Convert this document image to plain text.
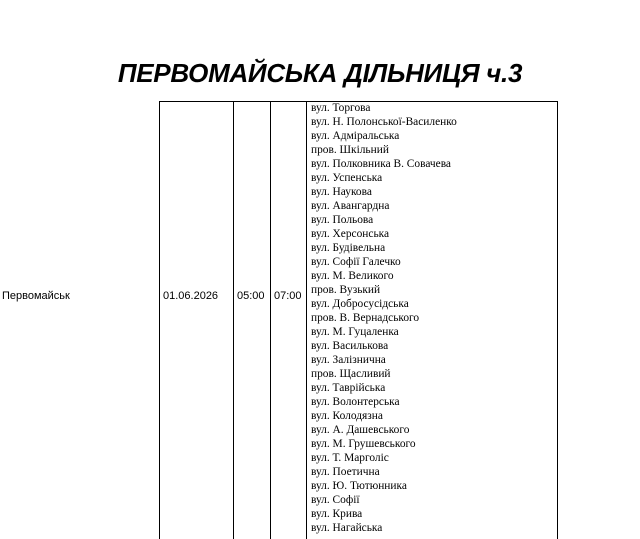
ПЕРВОМАЙСЬКА ДІЛЬНИЦЯ ч.3
Первомайськ	01.06.2026 05:00 07:00
вул. Торгова
вул. Н. Полонської-Василенко
вул. Адміральська
пров. Шкільний
вул. Полковника В. Совачева
вул. Успенська
вул. Наукова
вул. Авангардна
вул. Польова
вул. Херсонська
вул. Будівельна
вул. Софії Галечко
вул. М. Великого
пров. Вузький
вул. Добросусідська
пров. В. Вернадського
вул. М. Гуцаленка
вул. Василькова
вул. Залізнична
пров. Щасливий
вул. Таврійська
вул. Волонтерська
вул. Колодязна
вул. А. Дашевського
вул. М. Грушевського
вул. Т. Марголіс
вул. Поетична
вул. Ю. Тютюнника
вул. Софії
вул. Крива
вул. Нагайська
